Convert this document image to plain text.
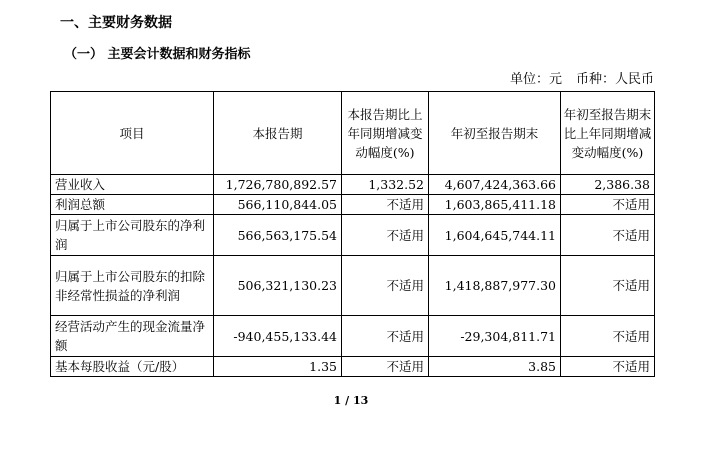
一、主要财务数据
（一） 主要会计数据和财务指标
单位：元 币种：人民币
项目	本报告期	本报告期比上年同期增减变动幅度(%)	年初至报告期末	年初至报告期末比上年同期增减变动幅度(%)
营业收入	1,726,780,892.57	1,332.52	4,607,424,363.66	2,386.38
利润总额	566,110,844.05	不适用	1,603,865,411.18	不适用
归属于上市公司股东的净利润	566,563,175.54	不适用	1,604,645,744.11	不适用
归属于上市公司股东的扣除非经常性损益的净利润	506,321,130.23	不适用	1,418,887,977.30	不适用
经营活动产生的现金流量净额	-940,455,133.44	不适用	-29,304,811.71	不适用
基本每股收益（元/股）	1.35	不适用	3.85	不适用
1 / 13
